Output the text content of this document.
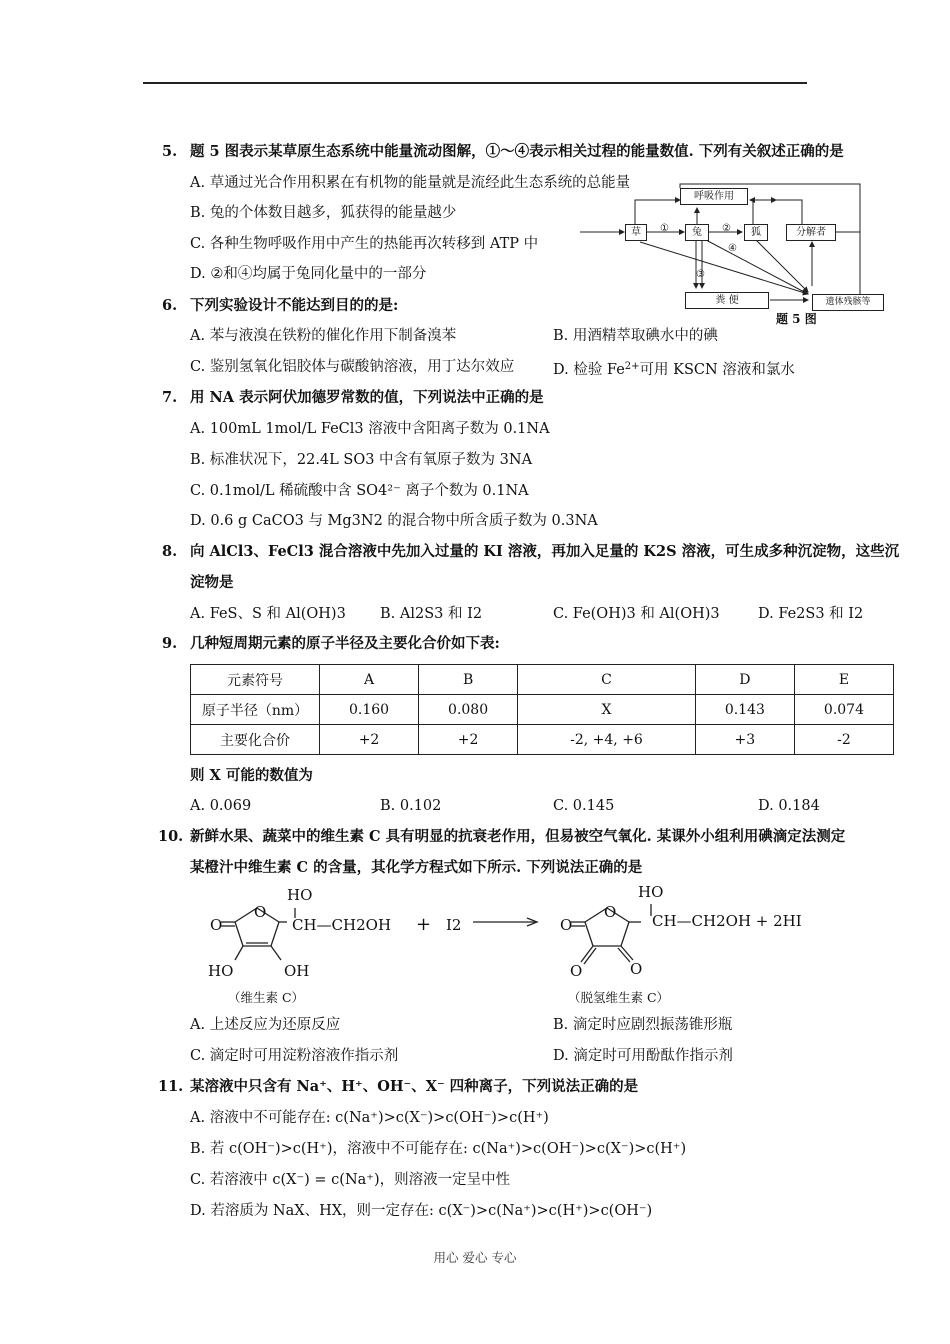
5. 题 5 图表示某草原生态系统中能量流动图解，①～④表示相关过程的能量数值. 下列有关叙述正确的是
A. 草通过光合作用积累在有机物的能量就是流经此生态系统的总能量
B. 兔的个体数目越多，狐获得的能量越少
C. 各种生物呼吸作用中产生的热能再次转移到 ATP 中
D. ②和④均属于兔同化量中的一部分
呼吸作用
草	兔	狐	分解者
粪 便	遗体残骸等
①	②
③
④
题 5 图
6. 下列实验设计不能达到目的的是:
A. 苯与液溴在铁粉的催化作用下制备溴苯	B. 用酒精萃取碘水中的碘
C. 鉴别氢氧化铝胶体与碳酸钠溶液，用丁达尔效应	D. 检验 $Fe^{2+}$可用 KSCN 溶液和氯水
7. 用 NA 表示阿伏加德罗常数的值，下列说法中正确的是
A. 100mL 1mol/L FeCl3 溶液中含阳离子数为 0.1NA
B. 标准状况下，22.4L SO3 中含有氧原子数为 3NA
C. 0.1mol/L 稀硫酸中含 SO4²⁻ 离子个数为 0.1NA
D. 0.6 g CaCO3 与 Mg3N2 的混合物中所含质子数为 0.3NA
8. 向 AlCl3、FeCl3 混合溶液中先加入过量的 KI 溶液，再加入足量的 K2S 溶液，可生成多种沉淀物，这些沉
淀物是
A. FeS、S 和 Al(OH)3 B. Al2S3 和 I2	C. Fe(OH)3 和 Al(OH)3	D. Fe2S3 和 I2
9. 几种短周期元素的原子半径及主要化合价如下表:
元素符号	A	B	C	D	E
原子半径（nm）	0.160	0.080	X	0.143	0.074
主要化合价	+2	+2	-2, +4, +6	+3	-2
则 X 可能的数值为
A. 0.069	B. 0.102	C. 0.145	D. 0.184
10. 新鲜水果、蔬菜中的维生素 C 具有明显的抗衰老作用，但易被空气氧化. 某课外小组利用碘滴定法测定
某橙汁中维生素 C 的含量，其化学方程式如下所示. 下列说法正确的是
HO
O
O	CH—CH2OH + I2
HO	OH
HO
O
O	CH—CH2OH + 2HI
O	O
（维生素 C）	（脱氢维生素 C）
A. 上述反应为还原反应	B. 滴定时应剧烈振荡锥形瓶
C. 滴定时可用淀粉溶液作指示剂	D. 滴定时可用酚酞作指示剂
11. 某溶液中只含有 Na⁺、H⁺、OH⁻、X⁻ 四种离子，下列说法正确的是
A. 溶液中不可能存在: c(Na⁺)>c(X⁻)>c(OH⁻)>c(H⁺)
B. 若 c(OH⁻)>c(H⁺)，溶液中不可能存在: c(Na⁺)>c(OH⁻)>c(X⁻)>c(H⁺)
C. 若溶液中 c(X⁻) = c(Na⁺)，则溶液一定呈中性
D. 若溶质为 NaX、HX，则一定存在: c(X⁻)>c(Na⁺)>c(H⁺)>c(OH⁻)
用心 爱心 专心
